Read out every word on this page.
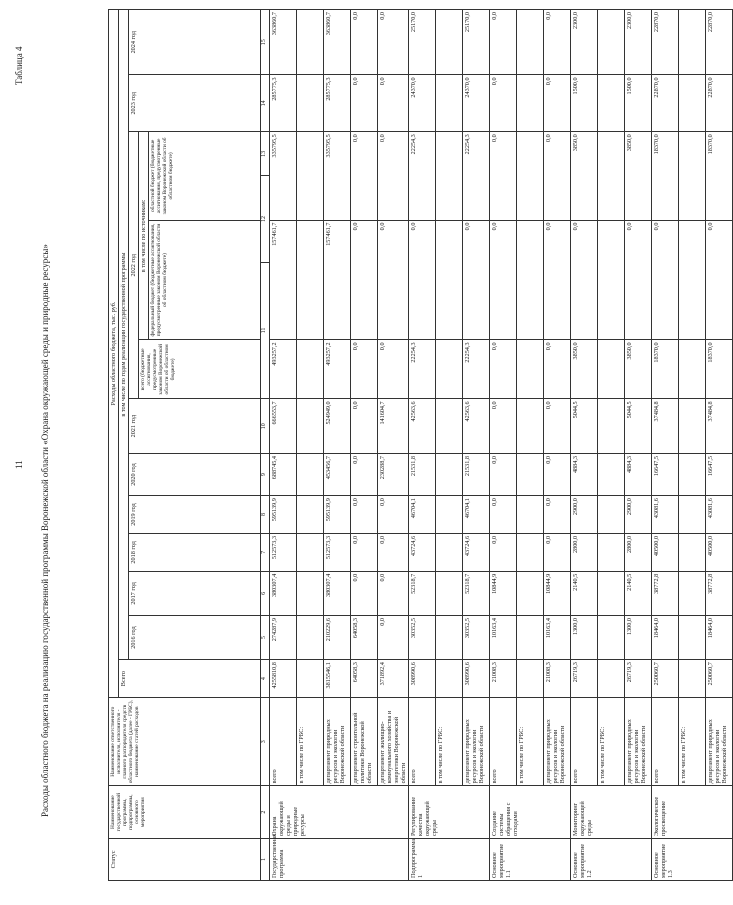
Таблица 4
11 Расходы областного бюджета на реализацию государственной программы Воронежской области «Охрана окружающей среды и природные ресурсы»
Статус	Наименование государственной программы, подпрограммы, основного мероприятия	Наименование ответственного исполнителя, исполнителя - главного распорядителя средств областного бюджета (далее - ГРБС), наименование статей расходов	Расходы областного бюджета, тыс. руб.													
			Всего	в том числе по годам реализации государственной программы												
				2016 год	2017 год	2018 год	2019 год	2020 год	2021 год	2022 год					2023 год	2024 год
										всего (бюджетные ассигнования, предусмотренные законом Воронежской области об областном бюджете)	в том числе по источникам:					
											федеральный бюджет (бюджетные ассигнования, предусмотренные законом Воронежской области об областном бюджете)		областной бюджет (бюджетные ассигнования, предусмотренные законом Воронежской области об областном бюджете)			
1	2	3	4	5	6	7	8	9	10	11		12		13	14	15
Государственная программа	Охрана окружающей среды и природные ресурсы	всего	4255810,8	274287,9	380307,4	512573,3	595139,9	688745,4	666553,7	493257,2	157461,7		335795,5		285775,3	363860,7
		в том числе по ГРБС:														
		департамент природных ресурсов и экологии Воронежской области	3815546,1	210229,6	380307,4	512573,3	595139,9	453456,7	524949,0	493257,2	157461,7		335795,5		285775,3	363860,7
		департамент строительной политики Воронежской области	64058,3	64058,3	0,0	0,0	0,0	0,0	0,0	0,0	0,0		0,0		0,0	0,0
		департамент жилищно-коммунального хозяйства и энергетики Воронежской области	371892,4	0,0	0,0	0,0	0,0	230288,7	141604,7	0,0	0,0		0,0		0,0	0,0
Подпрограмма 1	Регулирование качества окружающей среды	всего	308990,6	30352,5	52318,7	43724,6	46704,1	21531,8	42563,6	22254,3	0,0		22254,3		24370,0	25170,0
		в том числе по ГРБС:														
		департамент природных ресурсов и экологии Воронежской области	308990,6	30352,5	52318,7	43724,6	46704,1	21531,8	42563,6	22254,3	0,0		22254,3		24370,0	25170,0
Основное мероприятие 1.1	Создание системы обращения с отходами	всего	21008,3	10163,4	10844,9	0,0	0,0	0,0	0,0	0,0	0,0		0,0		0,0	0,0
		в том числе по ГРБС:														
		департамент природных ресурсов и экологии Воронежской области	21008,3	10163,4	10844,9	0,0	0,0	0,0	0,0	0,0	0,0		0,0		0,0	0,0
Основное мероприятие 1.2	Мониторинг окружающей среды	всего	26719,3	1300,0	2140,5	2800,0	2900,0	4884,3	5044,5	3850,0	0,0		3850,0		1500,0	2300,0
		в том числе по ГРБС:														
		департамент природных ресурсов и экологии Воронежской области	26719,3	1300,0	2140,5	2800,0	2900,0	4884,3	5044,5	3850,0	0,0		3850,0		1500,0	2300,0
Основное мероприятие 1.3	Экологическое просвещение	всего	250060,7	18464,0	38772,8	40500,0	43081,6	16647,5	37484,8	18370,0	0,0		18370,0		22870,0	22870,0
		в том числе по ГРБС:														
		департамент природных ресурсов и экологии Воронежской области	250060,7	18464,0	38772,8	40500,0	43081,6	16647,5	37484,8	18370,0	0,0		18370,0		22870,0	22870,0
